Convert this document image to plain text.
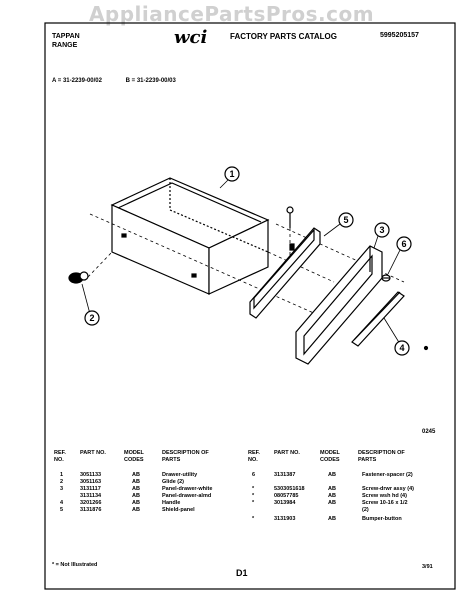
AppliancePartsPros.com
TAPPAN
RANGE	wci	FACTORY PARTS CATALOG	5995205157
A = 31-2239-00/02	B = 31-2239-00/03
1
2
3
4
5
6
0245
REF. NO.
PART NO.	MODEL CODES
DESCRIPTION OF PARTS
REF. NO.
PART NO.	MODEL CODES
DESCRIPTION OF PARTS
1	3051133	AB	Drawer-utility
2	3051163	AB	Glide (2)
3	3131117	AB	Panel-drawer-white
3131134	AB	Panel-drawer-almd
4	3201266	AB	Handle
5	3131876	AB	Shield-panel
6	3131387	AB	Fastener-spacer (2)
*	5303051618	AB	Screw-drwr assy (4)
*	08057785	AB	Screw wsh hd (4)
*	3013984	AB	Screw 10-16 x 1/2
(2)
*	3131903	AB	Bumper-button
* = Not Illustrated
D1
3/91
